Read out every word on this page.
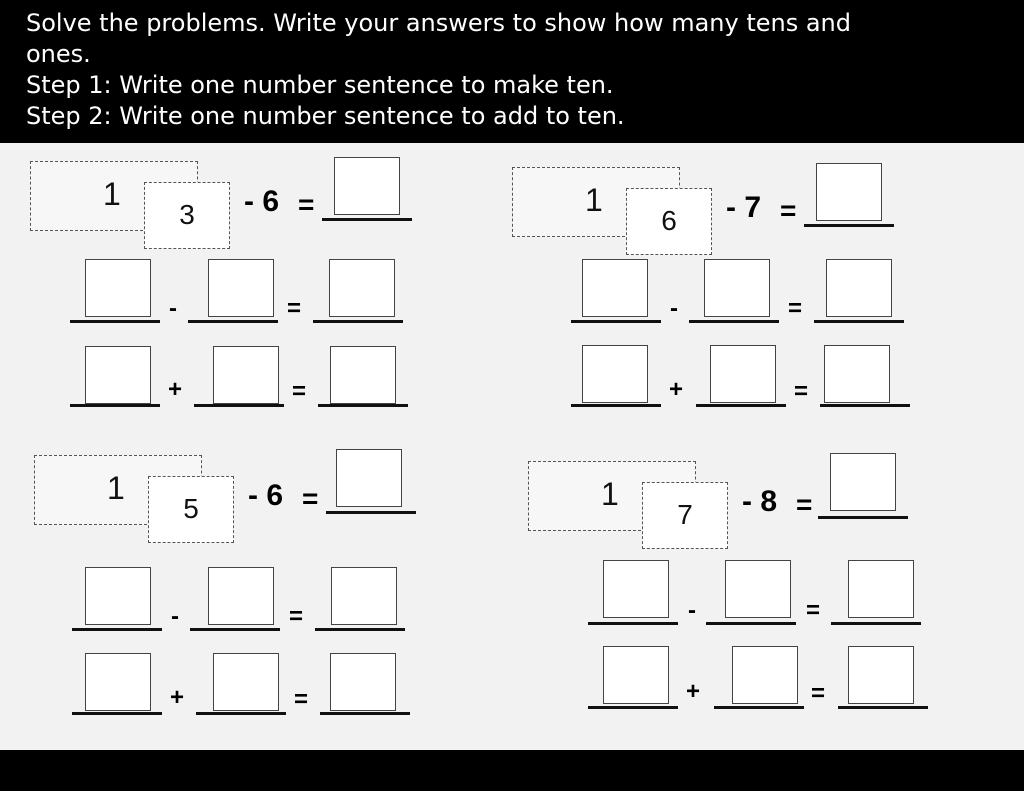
Solve the problems. Write your answers to show how many tens and
ones.
Step 1: Write one number sentence to make ten.
Step 2: Write one number sentence to add to ten.
1
3	- 6 =
-	=
+	=
1
6	- 7 =
-	=
+	=
1
5	- 6 =
-	=
+	=
1
7	- 8 =
-	=
+	=
